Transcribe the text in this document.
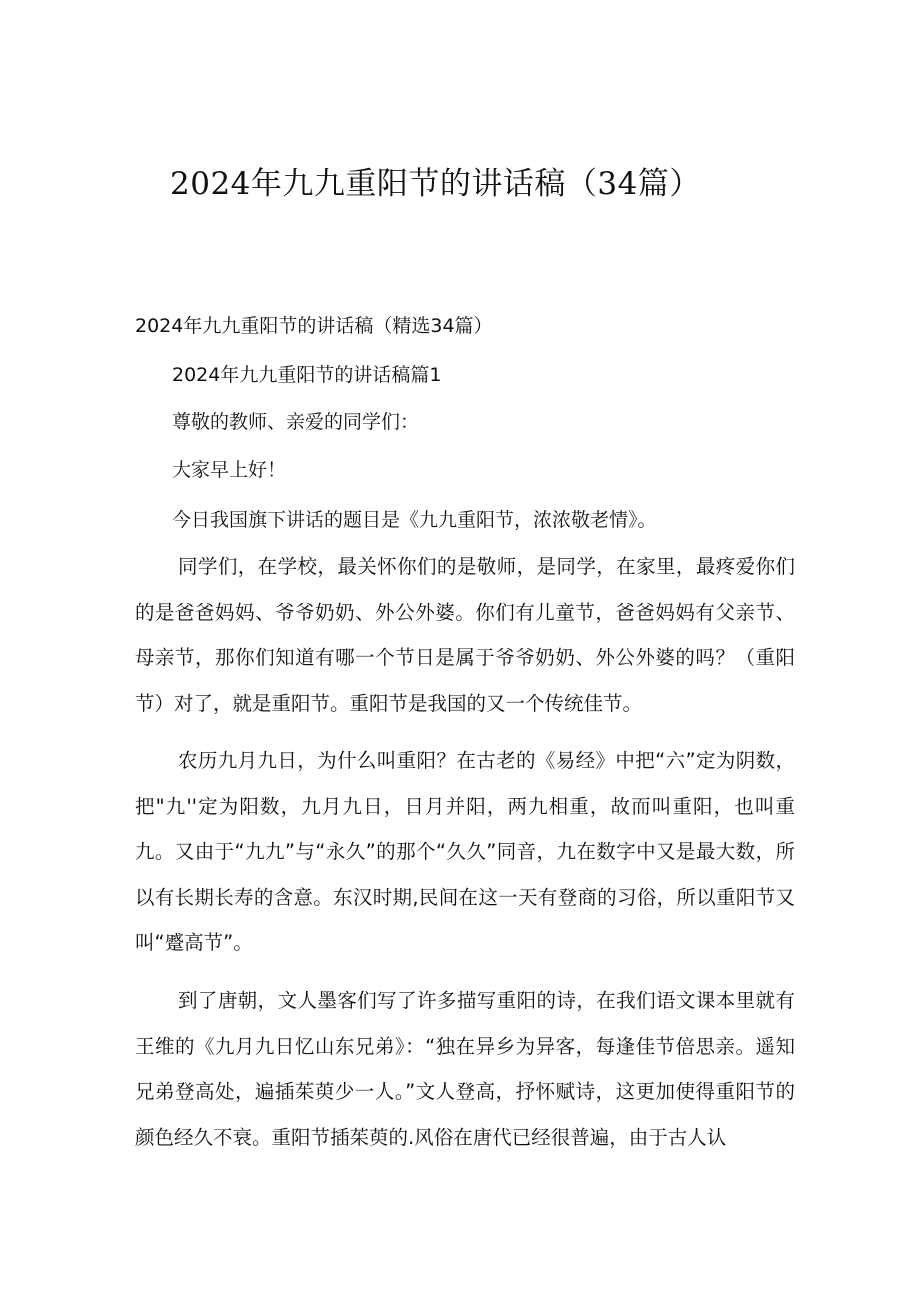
2024年九九重阳节的讲话稿（34篇）
2024年九九重阳节的讲话稿（精选34篇）
2024年九九重阳节的讲话稿篇1
尊敬的教师、亲爱的同学们：
大家早上好！
今日我国旗下讲话的题目是《九九重阳节，浓浓敬老情》。
同学们，在学校，最关怀你们的是敬师，是同学，在家里，最疼爱你们的是爸爸妈妈、爷爷奶奶、外公外婆。你们有儿童节，爸爸妈妈有父亲节、母亲节，那你们知道有哪一个节日是属于爷爷奶奶、外公外婆的吗？（重阳节）对了，就是重阳节。重阳节是我国的又一个传统佳节。
农历九月九日，为什么叫重阳？在古老的《易经》中把“六”定为阴数，把"九''定为阳数，九月九日，日月并阳，两九相重，故而叫重阳，也叫重九。又由于“九九”与“永久”的那个“久久”同音，九在数字中又是最大数，所以有长期长寿的含意。东汉时期,民间在这一天有登商的习俗，所以重阳节又叫“蹙高节”。
到了唐朝，文人墨客们写了许多描写重阳的诗，在我们语文课本里就有王维的《九月九日忆山东兄弟》：“独在异乡为异客，每逢佳节倍思亲。遥知兄弟登高处，遍插茱萸少一人。”文人登高，抒怀赋诗，这更加使得重阳节的颜色经久不衰。重阳节插茱萸的.风俗在唐代已经很普遍，由于古人认
